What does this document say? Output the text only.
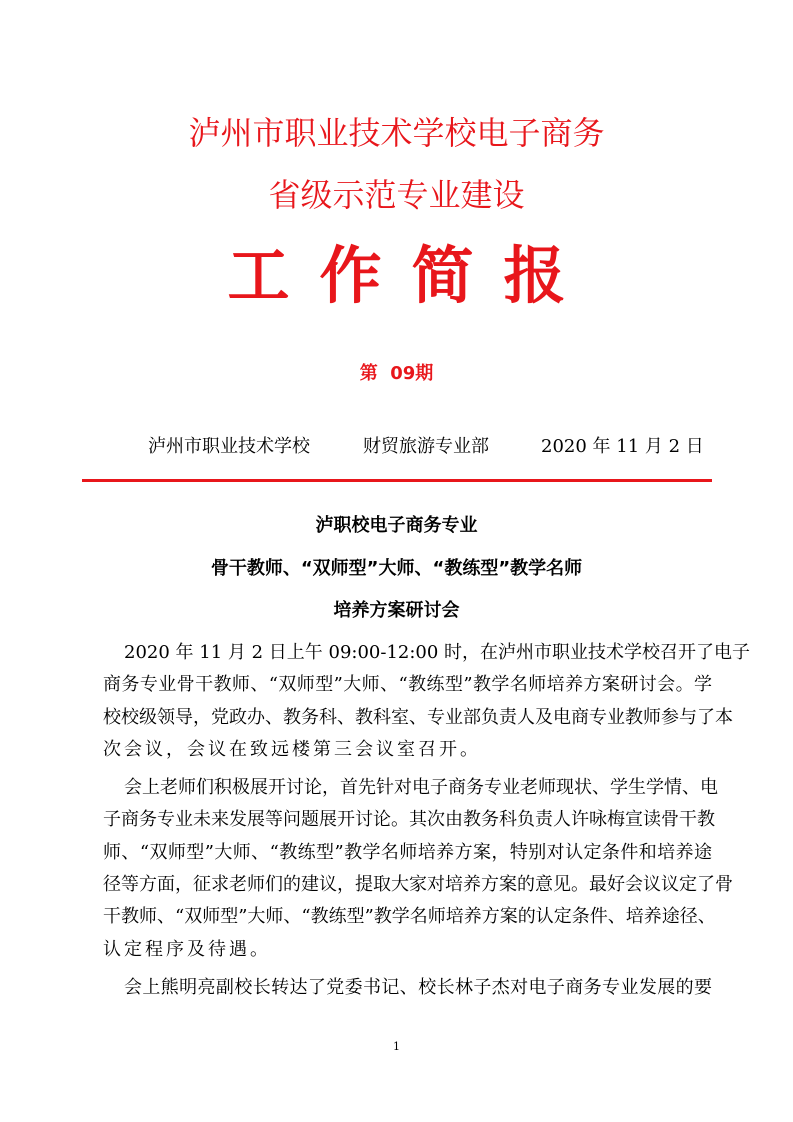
泸州市职业技术学校电子商务
省级示范专业建设
工作简报
第  09期
泸州市职业技术学校	财贸旅游专业部	2020 年 11 月 2 日
泸职校电子商务专业
骨干教师、“双师型”大师、“教练型”教学名师
培养方案研讨会
2020 年 11 月 2 日上午 09:00-12:00 时，在泸州市职业技术学校召开了电子
商务专业骨干教师、“双师型”大师、“教练型”教学名师培养方案研讨会。学
校校级领导，党政办、教务科、教科室、专业部负责人及电商专业教师参与了本
次会议，会议在致远楼第三会议室召开。
会上老师们积极展开讨论，首先针对电子商务专业老师现状、学生学情、电
子商务专业未来发展等问题展开讨论。其次由教务科负责人许咏梅宣读骨干教
师、“双师型”大师、“教练型”教学名师培养方案，特别对认定条件和培养途
径等方面，征求老师们的建议，提取大家对培养方案的意见。最好会议议定了骨
干教师、“双师型”大师、“教练型”教学名师培养方案的认定条件、培养途径、
认定程序及待遇。
会上熊明亮副校长转达了党委书记、校长林子杰对电子商务专业发展的要
1
